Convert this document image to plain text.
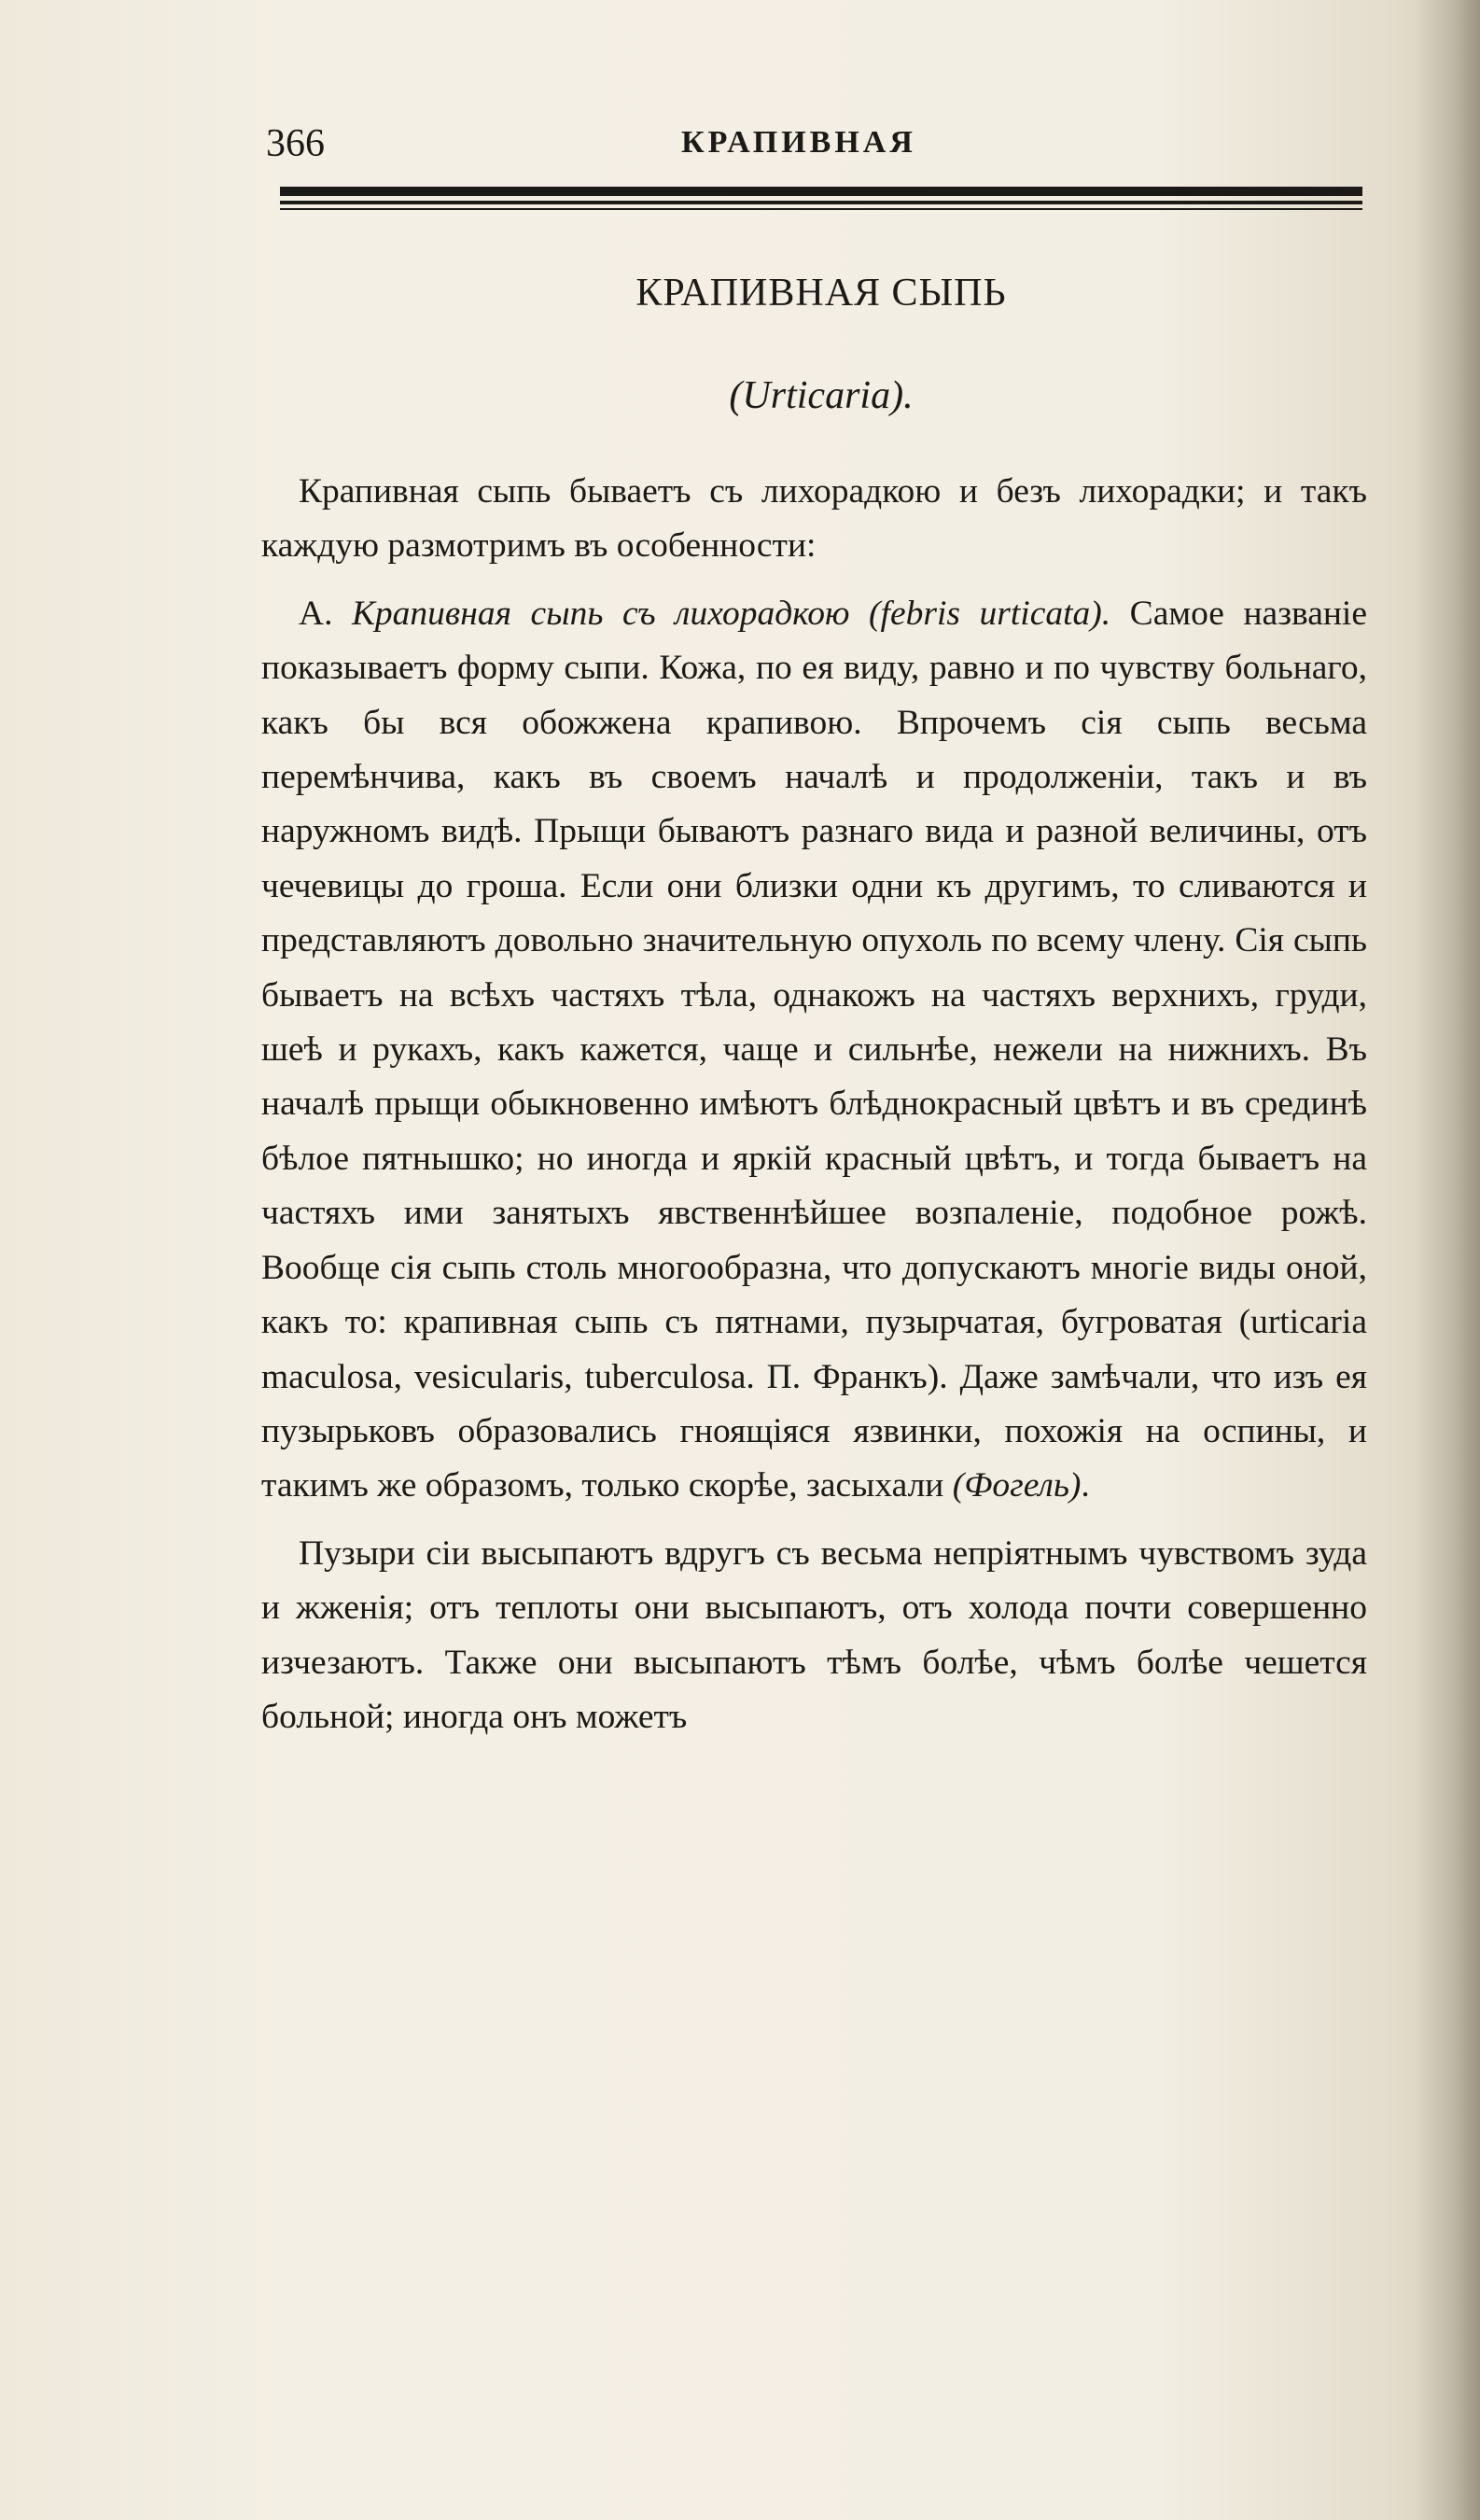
366	КРАПИВНАЯ
КРАПИВНАЯ СЫПЬ
(Urticaria).

Крапивная сыпь бываетъ съ лихорадкою и безъ лихорадки; и такъ каждую размотримъ въ особенности:

А. Крапивная сыпь съ лихорадкою (febris urticata). Самое названіе показываетъ форму сыпи. Кожа, по ея виду, равно и по чувству больнаго, какъ бы вся обожжена крапивою. Впрочемъ сія сыпь весьма перемѣнчива, какъ въ своемъ началѣ и продолженіи, такъ и въ наружномъ видѣ. Прыщи бываютъ разнаго вида и разной величины, отъ чечевицы до гроша. Если они близки одни къ другимъ, то сливаются и представляютъ довольно значительную опухоль по всему члену. Сія сыпь бываетъ на всѣхъ частяхъ тѣла, однакожъ на частяхъ верхнихъ, груди, шеѣ и рукахъ, какъ кажется, чаще и сильнѣе, нежели на нижнихъ. Въ началѣ прыщи обыкновенно имѣютъ блѣднокрасный цвѣтъ и въ срединѣ бѣлое пятнышко; но иногда и яркій красный цвѣтъ, и тогда бываетъ на частяхъ ими занятыхъ явственнѣйшее возпаленіе, подобное рожѣ. Вообще сія сыпь столь многообразна, что допускаютъ многіе виды оной, какъ то: крапивная сыпь съ пятнами, пузырчатая, бугроватая (urticaria maculosa, vesicularis, tuberculosa. П. Франкъ). Даже замѣчали, что изъ ея пузырьковъ образовались гноящіяся язвинки, похожія на оспины, и такимъ же образомъ, только скорѣе, засыхали (Фогель).

Пузыри сіи высыпаютъ вдругъ съ весьма непріятнымъ чувствомъ зуда и жженія; отъ теплоты они высыпаютъ, отъ холода почти совершенно изчезаютъ. Также они высыпаютъ тѣмъ болѣе, чѣмъ болѣе чешется больной; иногда онъ можетъ
